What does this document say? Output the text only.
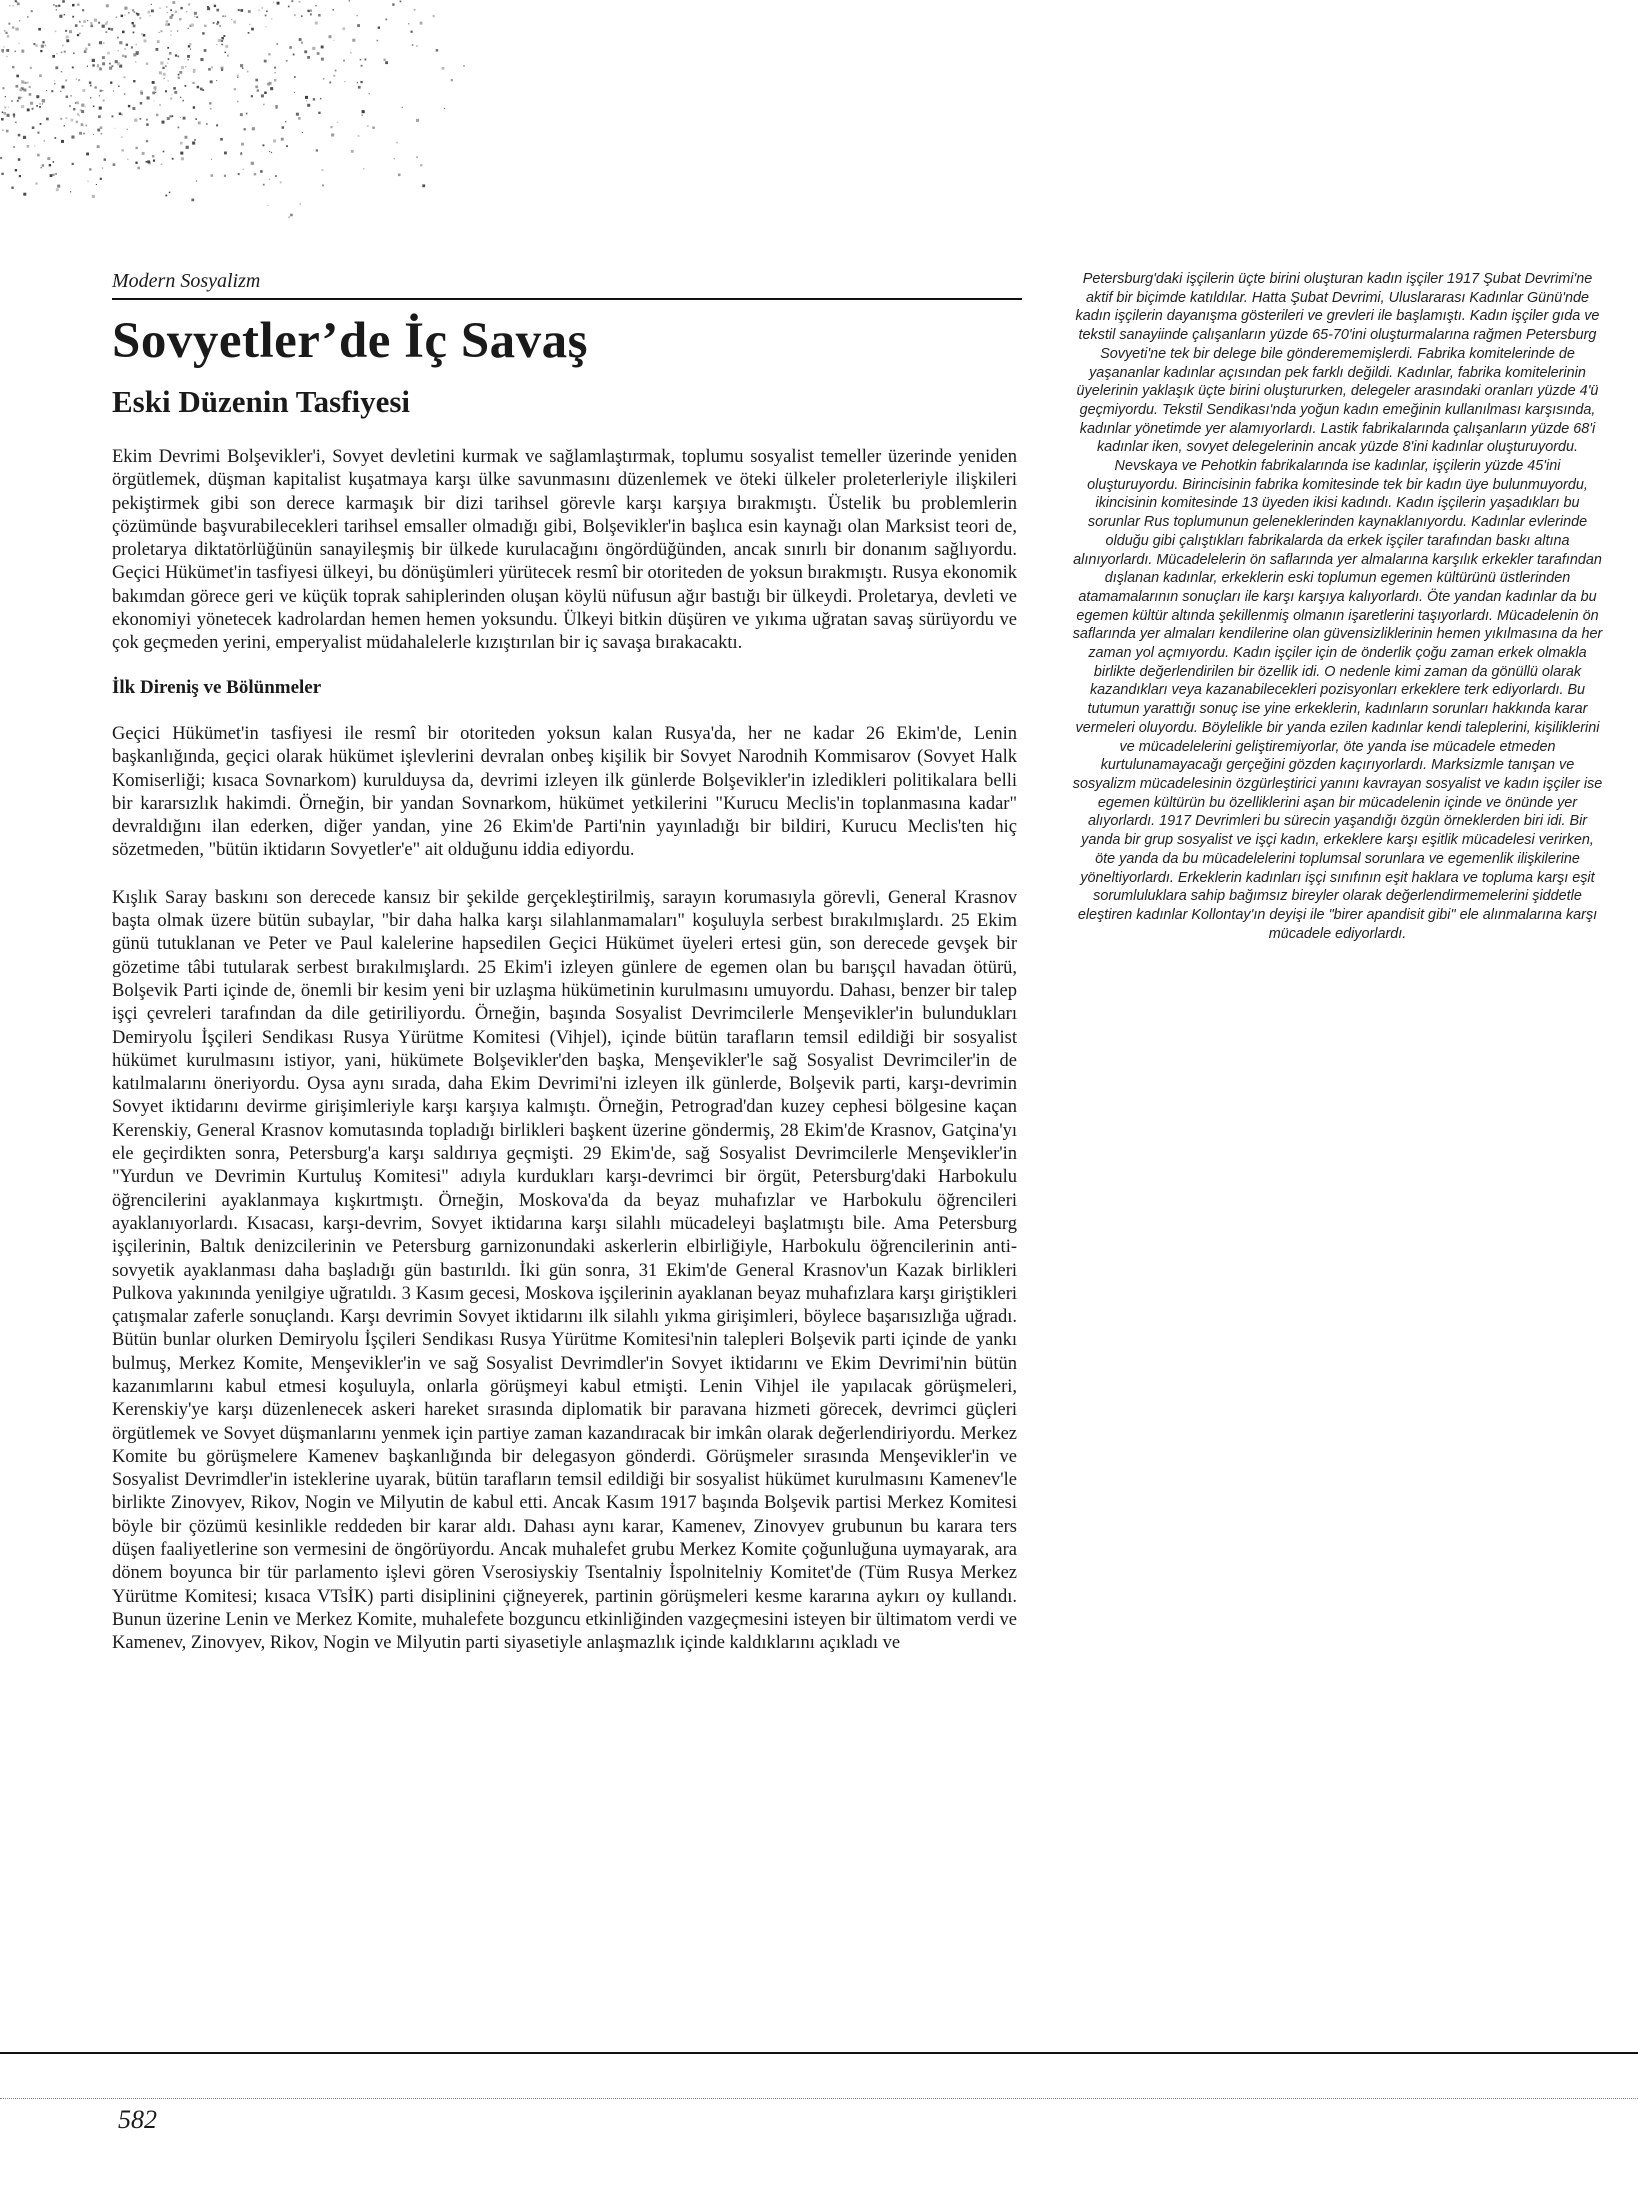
Modern Sosyalizm
Sovyetler’de İç Savaş
Eski Düzenin Tasfiyesi

Ekim Devrimi Bolşevikler'i, Sovyet devletini kurmak ve sağlamlaştırmak, toplumu sosyalist temeller üzerinde yeniden örgütlemek, düşman kapitalist kuşatmaya karşı ülke savunmasını düzenlemek ve öteki ülkeler proleterleriyle ilişkileri pekiştirmek gibi son derece karmaşık bir dizi tarihsel görevle karşı karşıya bırakmıştı. Üstelik bu problemlerin çözümünde başvurabilecekleri tarihsel emsaller olmadığı gibi, Bolşevikler'in başlıca esin kaynağı olan Marksist teori de, proletarya diktatörlüğünün sanayileşmiş bir ülkede kurulacağını öngördüğünden, ancak sınırlı bir donanım sağlıyordu. Geçici Hükümet'in tasfiyesi ülkeyi, bu dönüşümleri yürütecek resmî bir otoriteden de yoksun bırakmıştı. Rusya ekonomik bakımdan görece geri ve küçük toprak sahiplerinden oluşan köylü nüfusun ağır bastığı bir ülkeydi. Proletarya, devleti ve ekonomiyi yönetecek kadrolardan hemen hemen yoksundu. Ülkeyi bitkin düşüren ve yıkıma uğratan savaş sürüyordu ve çok geçmeden yerini, emperyalist müdahalelerle kızıştırılan bir iç savaşa bırakacaktı.

İlk Direniş ve Bölünmeler

Geçici Hükümet'in tasfiyesi ile resmî bir otoriteden yoksun kalan Rusya'da, her ne kadar 26 Ekim'de, Lenin başkanlığında, geçici olarak hükümet işlevlerini devralan onbeş kişilik bir Sovyet Narodnih Kommisarov (Sovyet Halk Komiserliği; kısaca Sovnarkom) kurulduysa da, devrimi izleyen ilk günlerde Bolşevikler'in izledikleri politikalara belli bir kararsızlık hakimdi. Örneğin, bir yandan Sovnarkom, hükümet yetkilerini "Kurucu Meclis'in toplanmasına kadar" devraldığını ilan ederken, diğer yandan, yine 26 Ekim'de Parti'nin yayınladığı bir bildiri, Kurucu Meclis'ten hiç sözetmeden, "bütün iktidarın Sovyetler'e" ait olduğunu iddia ediyordu.

Kışlık Saray baskını son derecede kansız bir şekilde gerçekleştirilmiş, sarayın korumasıyla görevli, General Krasnov başta olmak üzere bütün subaylar, "bir daha halka karşı silahlanmamaları" koşuluyla serbest bırakılmışlardı. 25 Ekim günü tutuklanan ve Peter ve Paul kalelerine hapsedilen Geçici Hükümet üyeleri ertesi gün, son derecede gevşek bir gözetime tâbi tutularak serbest bırakılmışlardı. 25 Ekim'i izleyen günlere de egemen olan bu barışçıl havadan ötürü, Bolşevik Parti içinde de, önemli bir kesim yeni bir uzlaşma hükümetinin kurulmasını umuyordu. Dahası, benzer bir talep işçi çevreleri tarafından da dile getiriliyordu. Örneğin, başında Sosyalist Devrimcilerle Menşevikler'in bulundukları Demiryolu İşçileri Sendikası Rusya Yürütme Komitesi (Vihjel), içinde bütün tarafların temsil edildiği bir sosyalist hükümet kurulmasını istiyor, yani, hükümete Bolşevikler'den başka, Menşevikler'le sağ Sosyalist Devrimciler'in de katılmalarını öneriyordu. Oysa aynı sırada, daha Ekim Devrimi'ni izleyen ilk günlerde, Bolşevik parti, karşı-devrimin Sovyet iktidarını devirme girişimleriyle karşı karşıya kalmıştı. Örneğin, Petrograd'dan kuzey cephesi bölgesine kaçan Kerenskiy, General Krasnov komutasında topladığı birlikleri başkent üzerine göndermiş, 28 Ekim'de Krasnov, Gatçina'yı ele geçirdikten sonra, Petersburg'a karşı saldırıya geçmişti. 29 Ekim'de, sağ Sosyalist Devrimcilerle Menşevikler'in "Yurdun ve Devrimin Kurtuluş Komitesi" adıyla kurdukları karşı-devrimci bir örgüt, Petersburg'daki Harbokulu öğrencilerini ayaklanmaya kışkırtmıştı. Örneğin, Moskova'da da beyaz muhafızlar ve Harbokulu öğrencileri ayaklanıyorlardı. Kısacası, karşı-devrim, Sovyet iktidarına karşı silahlı mücadeleyi başlatmıştı bile. Ama Petersburg işçilerinin, Baltık denizcilerinin ve Petersburg garnizonundaki askerlerin elbirliğiyle, Harbokulu öğrencilerinin anti-sovyetik ayaklanması daha başladığı gün bastırıldı. İki gün sonra, 31 Ekim'de General Krasnov'un Kazak birlikleri Pulkova yakınında yenilgiye uğratıldı. 3 Kasım gecesi, Moskova işçilerinin ayaklanan beyaz muhafızlara karşı giriştikleri çatışmalar zaferle sonuçlandı. Karşı devrimin Sovyet iktidarını ilk silahlı yıkma girişimleri, böylece başarısızlığa uğradı. Bütün bunlar olurken Demiryolu İşçileri Sendikası Rusya Yürütme Komitesi'nin talepleri Bolşevik parti içinde de yankı bulmuş, Merkez Komite, Menşevikler'in ve sağ Sosyalist Devrimdler'in Sovyet iktidarını ve Ekim Devrimi'nin bütün kazanımlarını kabul etmesi koşuluyla, onlarla görüşmeyi kabul etmişti. Lenin Vihjel ile yapılacak görüşmeleri, Kerenskiy'ye karşı düzenlenecek askeri hareket sırasında diplomatik bir paravana hizmeti görecek, devrimci güçleri örgütlemek ve Sovyet düşmanlarını yenmek için partiye zaman kazandıracak bir imkân olarak değerlendiriyordu. Merkez Komite bu görüşmelere Kamenev başkanlığında bir delegasyon gönderdi. Görüşmeler sırasında Menşevikler'in ve Sosyalist Devrimdler'in isteklerine uyarak, bütün tarafların temsil edildiği bir sosyalist hükümet kurulmasını Kamenev'le birlikte Zinovyev, Rikov, Nogin ve Milyutin de kabul etti. Ancak Kasım 1917 başında Bolşevik partisi Merkez Komitesi böyle bir çözümü kesinlikle reddeden bir karar aldı. Dahası aynı karar, Kamenev, Zinovyev grubunun bu karara ters düşen faaliyetlerine son vermesini de öngörüyordu. Ancak muhalefet grubu Merkez Komite çoğunluğuna uymayarak, ara dönem boyunca bir tür parlamento işlevi gören Vserosiyskiy Tsentalniy İspolnitelniy Komitet'de (Tüm Rusya Merkez Yürütme Komitesi; kısaca VTsİK) parti disiplinini çiğneyerek, partinin görüşmeleri kesme kararına aykırı oy kullandı. Bunun üzerine Lenin ve Merkez Komite, muhalefete bozguncu etkinliğinden vazgeçmesini isteyen bir ültimatom verdi ve Kamenev, Zinovyev, Rikov, Nogin ve Milyutin parti siyasetiyle anlaşmazlık içinde kaldıklarını açıkladı ve

Petersburg'daki işçilerin üçte birini oluşturan kadın işçiler 1917 Şubat Devrimi'ne aktif bir biçimde katıldılar. Hatta Şubat Devrimi, Uluslararası Kadınlar Günü'nde kadın işçilerin dayanışma gösterileri ve grevleri ile başlamıştı. Kadın işçiler gıda ve tekstil sanayiinde çalışanların yüzde 65-70'ini oluşturmalarına rağmen Petersburg Sovyeti'ne tek bir delege bile gönderememişlerdi. Fabrika komitelerinde de yaşananlar kadınlar açısından pek farklı değildi. Kadınlar, fabrika komitelerinin üyelerinin yaklaşık üçte birini oluştururken, delegeler arasındaki oranları yüzde 4'ü geçmiyordu. Tekstil Sendikası'nda yoğun kadın emeğinin kullanılması karşısında, kadınlar yönetimde yer alamıyorlardı. Lastik fabrikalarında çalışanların yüzde 68'i kadınlar iken, sovyet delegelerinin ancak yüzde 8'ini kadınlar oluşturuyordu. Nevskaya ve Pehotkin fabrikalarında ise kadınlar, işçilerin yüzde 45'ini oluşturuyordu. Birincisinin fabrika komitesinde tek bir kadın üye bulunmuyordu, ikincisinin komitesinde 13 üyeden ikisi kadındı. Kadın işçilerin yaşadıkları bu sorunlar Rus toplumunun geleneklerinden kaynaklanıyordu. Kadınlar evlerinde olduğu gibi çalıştıkları fabrikalarda da erkek işçiler tarafından baskı altına alınıyorlardı. Mücadelelerin ön saflarında yer almalarına karşılık erkekler tarafından dışlanan kadınlar, erkeklerin eski toplumun egemen kültürünü üstlerinden atamamalarının sonuçları ile karşı karşıya kalıyorlardı. Öte yandan kadınlar da bu egemen kültür altında şekillenmiş olmanın işaretlerini taşıyorlardı. Mücadelenin ön saflarında yer almaları kendilerine olan güvensizliklerinin hemen yıkılmasına da her zaman yol açmıyordu. Kadın işçiler için de önderlik çoğu zaman erkek olmakla birlikte değerlendirilen bir özellik idi. O nedenle kimi zaman da gönüllü olarak kazandıkları veya kazanabilecekleri pozisyonları erkeklere terk ediyorlardı. Bu tutumun yarattığı sonuç ise yine erkeklerin, kadınların sorunları hakkında karar vermeleri oluyordu. Böylelikle bir yanda ezilen kadınlar kendi taleplerini, kişiliklerini ve mücadelelerini geliştiremiyorlar, öte yanda ise mücadele etmeden kurtulunamayacağı gerçeğini gözden kaçırıyorlardı. Marksizmle tanışan ve sosyalizm mücadelesinin özgürleştirici yanını kavrayan sosyalist ve kadın işçiler ise egemen kültürün bu özelliklerini aşan bir mücadelenin içinde ve önünde yer alıyorlardı. 1917 Devrimleri bu sürecin yaşandığı özgün örneklerden biri idi. Bir yanda bir grup sosyalist ve işçi kadın, erkeklere karşı eşitlik mücadelesi verirken, öte yanda da bu mücadelelerini toplumsal sorunlara ve egemenlik ilişkilerine yöneltiyorlardı. Erkeklerin kadınları işçi sınıfının eşit haklara ve topluma karşı eşit sorumluluklara sahip bağımsız bireyler olarak değerlendirmemelerini şiddetle eleştiren kadınlar Kollontay'ın deyişi ile "birer apandisit gibi" ele alınmalarına karşı mücadele ediyorlardı.

582
